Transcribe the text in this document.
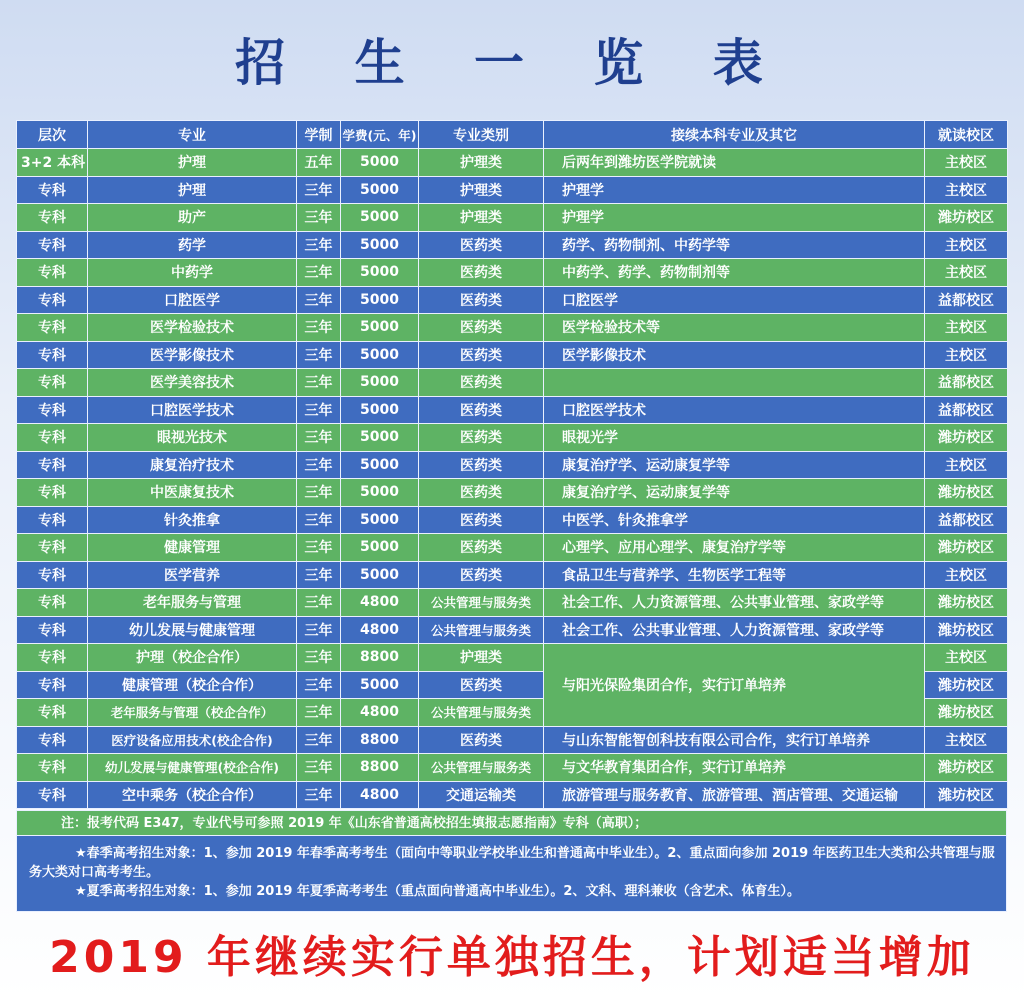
招 生 一 览 表
层次	专业	学制	学费(元、年)	专业类别	接续本科专业及其它	就读校区
3+2 本科	护理	五年	5000	护理类	后两年到潍坊医学院就读	主校区
专科	护理	三年	5000	护理类	护理学	主校区
专科	助产	三年	5000	护理类	护理学	潍坊校区
专科	药学	三年	5000	医药类	药学、药物制剂、中药学等	主校区
专科	中药学	三年	5000	医药类	中药学、药学、药物制剂等	主校区
专科	口腔医学	三年	5000	医药类	口腔医学	益都校区
专科	医学检验技术	三年	5000	医药类	医学检验技术等	主校区
专科	医学影像技术	三年	5000	医药类	医学影像技术	主校区
专科	医学美容技术	三年	5000	医药类		益都校区
专科	口腔医学技术	三年	5000	医药类	口腔医学技术	益都校区
专科	眼视光技术	三年	5000	医药类	眼视光学	潍坊校区
专科	康复治疗技术	三年	5000	医药类	康复治疗学、运动康复学等	主校区
专科	中医康复技术	三年	5000	医药类	康复治疗学、运动康复学等	潍坊校区
专科	针灸推拿	三年	5000	医药类	中医学、针灸推拿学	益都校区
专科	健康管理	三年	5000	医药类	心理学、应用心理学、康复治疗学等	潍坊校区
专科	医学营养	三年	5000	医药类	食品卫生与营养学、生物医学工程等	主校区
专科	老年服务与管理	三年	4800	公共管理与服务类	社会工作、人力资源管理、公共事业管理、家政学等	潍坊校区
专科	幼儿发展与健康管理	三年	4800	公共管理与服务类	社会工作、公共事业管理、人力资源管理、家政学等	潍坊校区
专科	护理（校企合作）	三年	8800	护理类	与阳光保险集团合作，实行订单培养	主校区
专科	健康管理（校企合作）	三年	5000	医药类		潍坊校区
专科	老年服务与管理（校企合作）	三年	4800	公共管理与服务类		潍坊校区
专科	医疗设备应用技术(校企合作)	三年	8800	医药类	与山东智能智创科技有限公司合作，实行订单培养	主校区
专科	幼儿发展与健康管理(校企合作)	三年	8800	公共管理与服务类	与文华教育集团合作，实行订单培养	潍坊校区
专科	空中乘务（校企合作）	三年	4800	交通运输类	旅游管理与服务教育、旅游管理、酒店管理、交通运输	潍坊校区
注：报考代码 E347，专业代号可参照 2019 年《山东省普通高校招生填报志愿指南》专科（高职）；

★春季高考招生对象：1、参加 2019 年春季高考考生（面向中等职业学校毕业生和普通高中毕业生）。2、重点面向参加 2019 年医药卫生大类和公共管理与服务大类对口高考考生。

★夏季高考招生对象：1、参加 2019 年夏季高考考生（重点面向普通高中毕业生）。2、文科、理科兼收（含艺术、体育生）。

2019 年继续实行单独招生，计划适当增加
